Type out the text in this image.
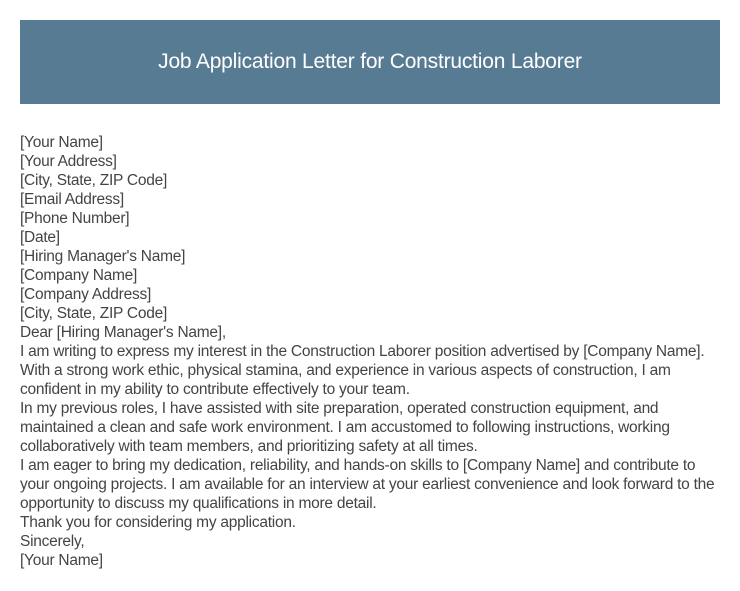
Job Application Letter for Construction Laborer

[Your Name]

[Your Address]

[City, State, ZIP Code]

[Email Address]

[Phone Number]

[Date]

[Hiring Manager's Name]

[Company Name]

[Company Address]

[City, State, ZIP Code]

Dear [Hiring Manager's Name],

I am writing to express my interest in the Construction Laborer position advertised by [Company Name]. With a strong work ethic, physical stamina, and experience in various aspects of construction, I am confident in my ability to contribute effectively to your team.

In my previous roles, I have assisted with site preparation, operated construction equipment, and maintained a clean and safe work environment. I am accustomed to following instructions, working collaboratively with team members, and prioritizing safety at all times.

I am eager to bring my dedication, reliability, and hands-on skills to [Company Name] and contribute to your ongoing projects. I am available for an interview at your earliest convenience and look forward to the opportunity to discuss my qualifications in more detail.

Thank you for considering my application.

Sincerely,

[Your Name]
